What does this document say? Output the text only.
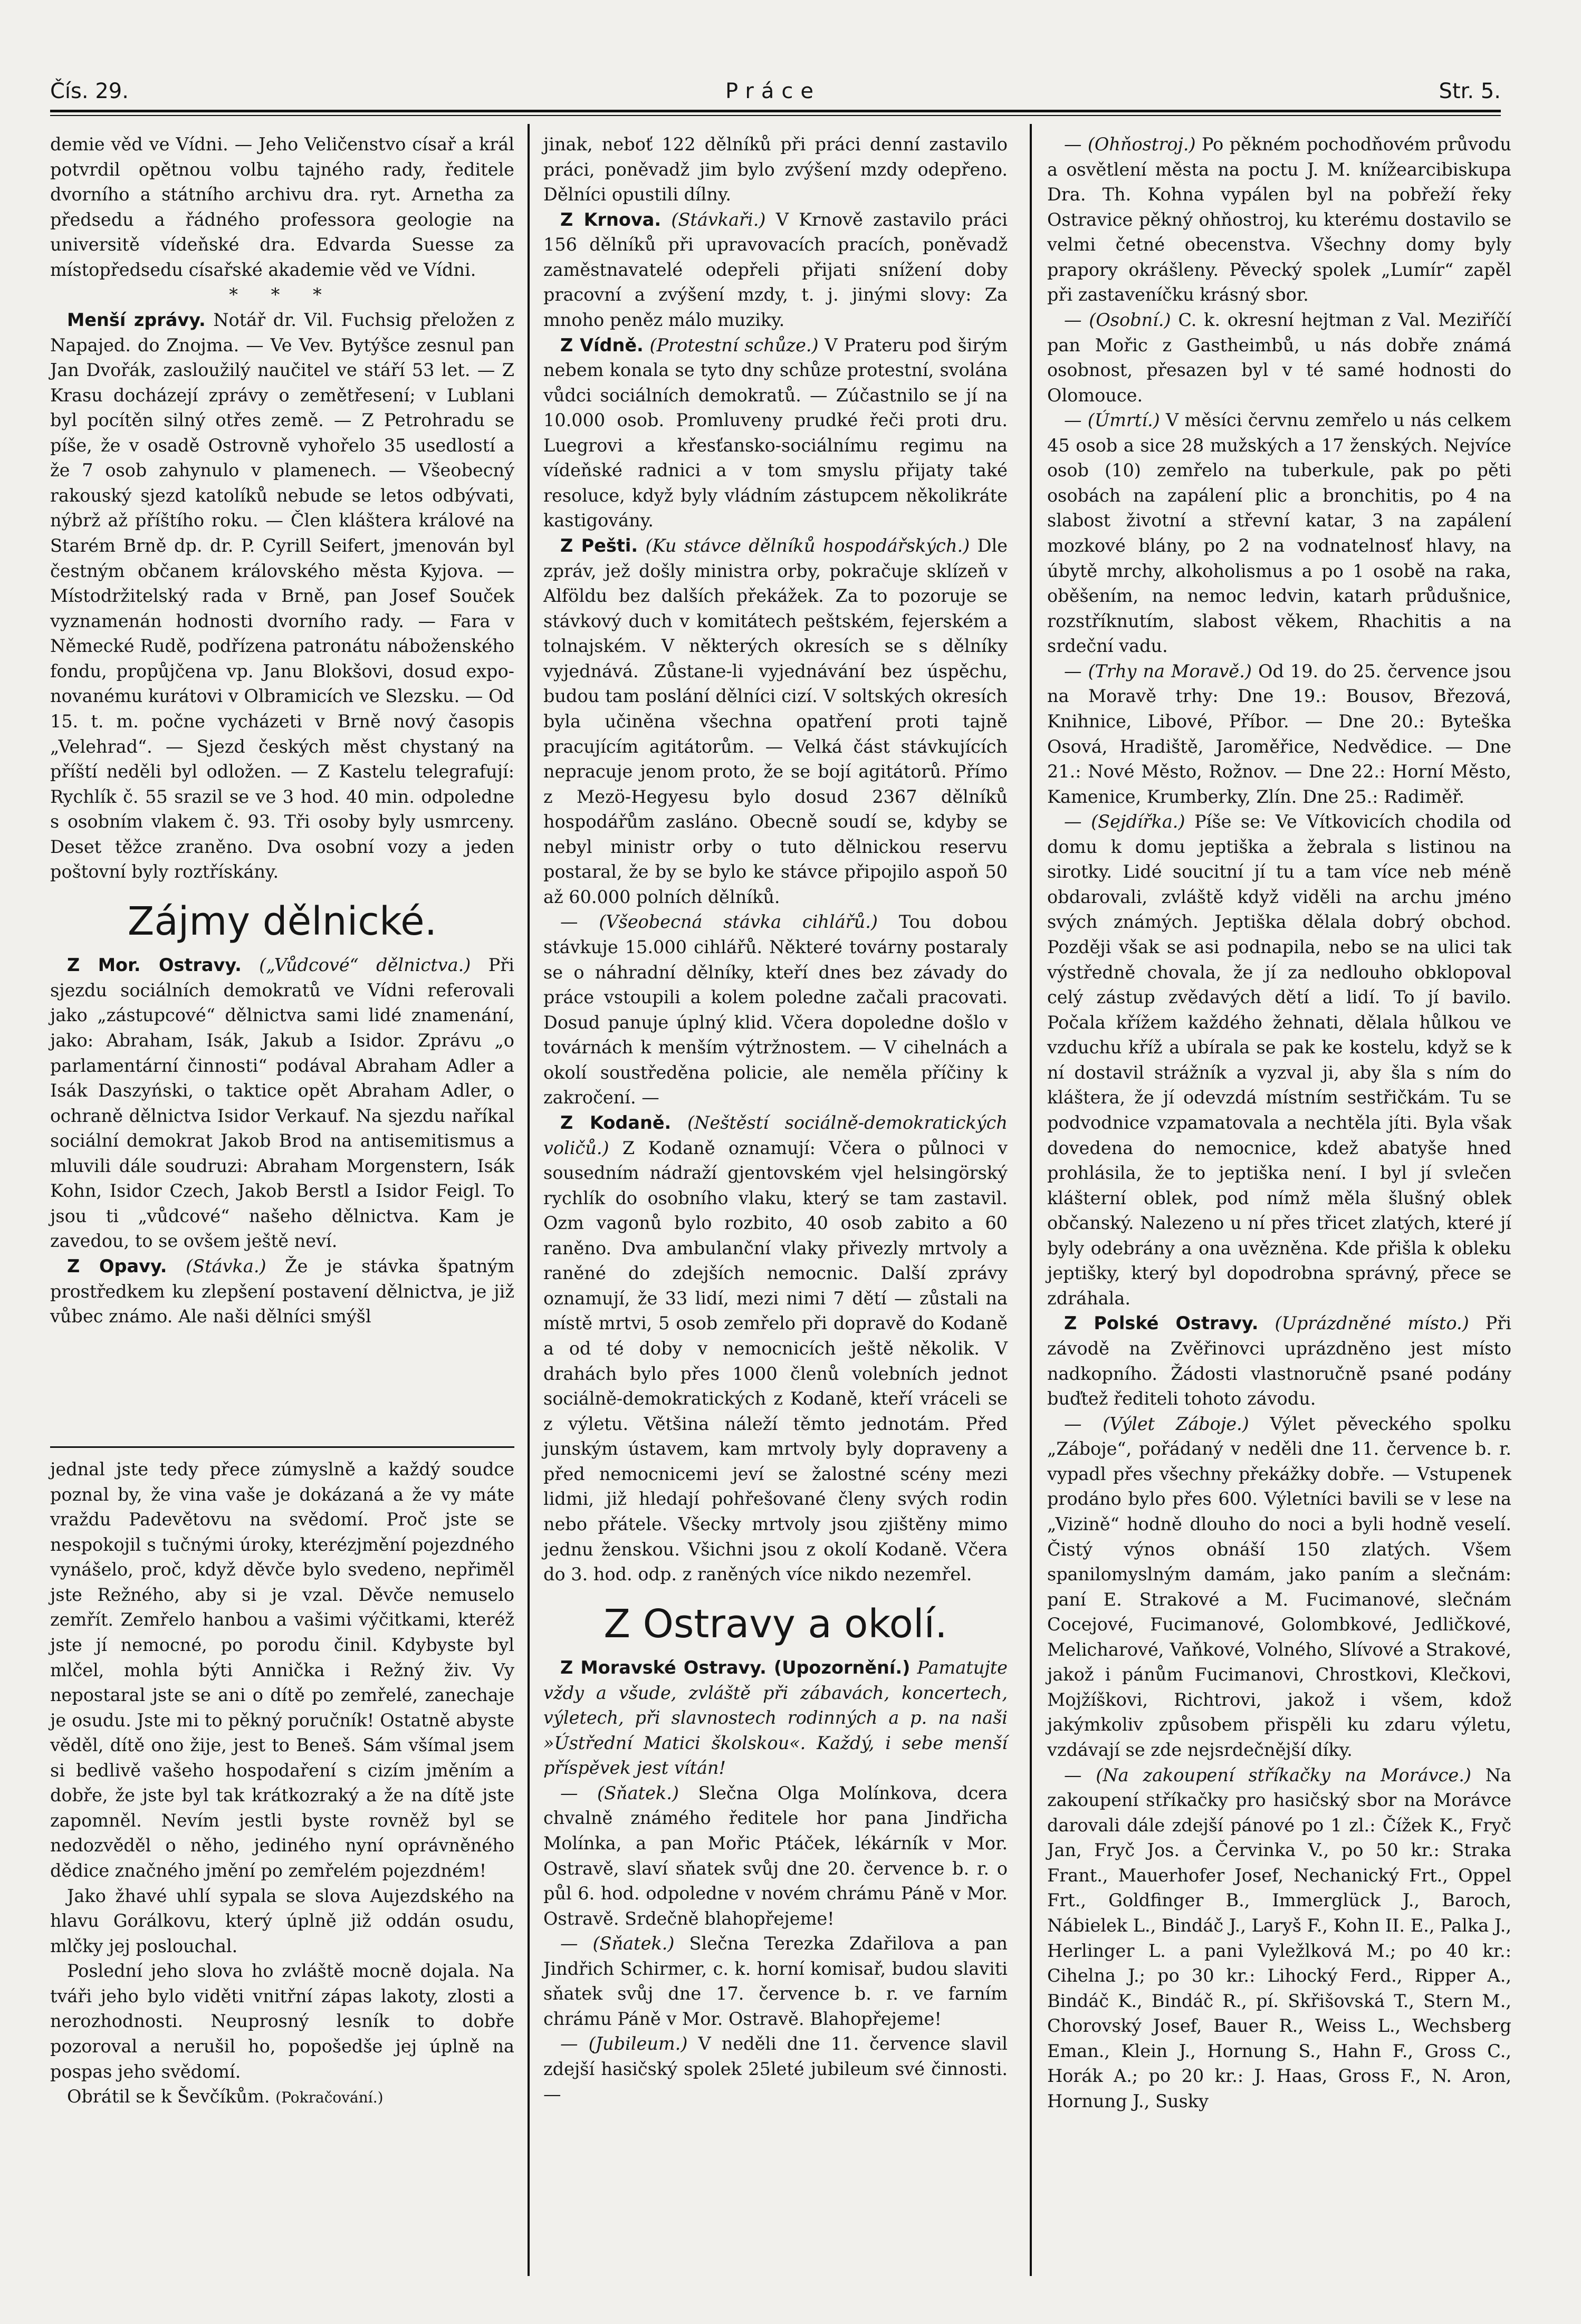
Čís. 29.	Práce	Str. 5.

demie věd ve Vídni. — Jeho Veličenstvo císař a král potvrdil opětnou volbu tajného rady, ředitele dvorního a státního archivu dra. ryt. Arnetha za předsedu a řádného professora geologie na universitě vídeňské dra. Edvarda Suesse za místopředsedu císařské akademie věd ve Vídni.

* * *

Menší zprávy. Notář dr. Vil. Fuchsig přeložen z Napajed. do Znojma. — Ve Vev. Bytýšce zesnul pan Jan Dvořák, zasloužilý naučitel ve stáří 53 let. — Z Krasu docházejí zprávy o zemětřesení; v Lublani byl pocítěn silný otřes země. — Z Petrohradu se píše, že v osadě Ostrovně vyhořelo 35 usedlostí a že 7 osob zahynulo v plamenech. — Všeobecný rakouský sjezd katolíků nebude se letos odbývati, nýbrž až příštího roku. — Člen klášterа králové na Starém Brně dp. dr. P. Cyrill Seifert, jmenován byl čestným občanem královského města Kyjova. — Místodržitelský rada v Brně, pan Josef Souček vyznamenán hodnosti dvorního rady. — Fara v Německé Rudě, podřízena patronátu náboženského fondu, propůjčena vp. Janu Blokšovi, dosud exponovanému kurátovi v Olbramicích ve Slezsku. — Od 15. t. m. počne vycházeti v Brně nový časopis „Velehrad“. — Sjezd českých měst chystaný na příští neděli byl odložen. — Z Kastelu telegrafují: Rychlík č. 55 srazil se ve 3 hod. 40 min. odpoledne s osobním vlakem č. 93. Tři osoby byly usmrceny. Deset těžce zraněno. Dva osobní vozy a jeden poštovní byly roztřískány.

Zájmy dělnické.

Z Mor. Ostravy. („Vůdcové“ dělnictva.) Při sjezdu sociálních demokratů ve Vídni referovali jako „zástupcové“ dělnictva sami lidé znamenání, jako: Abraham, Isák, Jakub a Isidor. Zprávu „o parlamentární činnosti“ podával Abraham Adler a Isák Daszyński, o taktice opět Abraham Adler, o ochraně dělnictva Isidor Verkauf. Na sjezdu naříkal sociální demokrat Jakob Brod na antisemitismus a mluvili dále soudruzi: Abraham Morgenstern, Isák Kohn, Isidor Czech, Jakob Berstl a Isidor Feigl. To jsou ti „vůdcové“ našeho dělnictva. Kam je zavedou, to se ovšem ještě neví.

Z Opavy. (Stávka.) Že je stávka špatným prostředkem ku zlepšení postavení dělnictva, je již vůbec známo. Ale naši dělníci smýšl

jednal jste tedy přece zúmyslně a každý soudce poznal by, že vina vaše je dokázaná a že vy máte vraždu Padevětovu na svědomí. Proč jste se nespokojil s tučnými úroky, kterézjmění pojezdného vynášelo, proč, když děvče bylo svedeno, nepřiměl jste Režného, aby si je vzal. Děvče nemuselo zemřít. Zemřelo hanbou a vašimi výčitkami, kteréž jste jí nemocné, po porodu činil. Kdybyste byl mlčel, mohla býti Annička i Režný živ. Vy nepostaral jste se ani o dítě po zemřelé, zanechaje je osudu. Jste mi to pěkný poručník! Ostatně abyste věděl, dítě ono žije, jest to Beneš. Sám všímal jsem si bedlivě vašeho hospodaření s cizím jměním a dobře, že jste byl tak krátkozraký a že na dítě jste zapomněl. Nevím jestli byste rovněž byl se nedozvěděl o něho, jediného nyní oprávněného dědice značného jmění po zemřelém pojezdném!

Jako žhavé uhlí sypala se slova Aujezdského na hlavu Gorálkovu, který úplně již oddán osudu, mlčky jej poslouchal.

Poslední jeho slova ho zvláště mocně dojala. Na tváři jeho bylo viděti vnitřní zápas lakoty, zlosti a nerozhodnosti. Neuprosný lesník to dobře pozoroval a nerušil ho, popošedše jej úplně na pospas jeho svědomí.

Obrátil se k Ševčíkům. (Pokračování.)

jinak, neboť 122 dělníků při práci denní zastavilo práci, poněvadž jim bylo zvýšení mzdy odepřeno. Dělníci opustili dílny.

Z Krnova. (Stávkaři.) V Krnově zastavilo práci 156 dělníků při upravovacích pracích, poněvadž zaměstnavatelé odepřeli přijati snížení doby pracovní a zvýšení mzdy, t. j. jinými slovy: Za mnoho peněz málo muziky.

Z Vídně. (Protestní schůze.) V Prateru pod širým nebem konala se tyto dny schůze protestní, svolána vůdci sociálních demokratů. — Zúčastnilo se jí na 10.000 osob. Promluveny prudké řeči proti dru. Luegrovi a křesťansko-sociálnímu regimu na vídeňské radnici a v tom smyslu přijaty také resoluce, když byly vládním zástupcem několikráte kastigovány.

Z Pešti. (Ku stávce dělníků hospodářských.) Dle zpráv, jež došly ministra orby, pokračuje sklízeň v Alföldu bez dalších překážek. Za to pozoruje se stávkový duch v komitátech peštském, fejerském a tolnajském. V některých okresích se s dělníky vyjednává. Zůstane-li vyjednávání bez úspěchu, budou tam poslání dělníci cizí. V soltských okresích byla učiněna všechna opatření proti tajně pracujícím agitátorům. — Velká část stávkujících nepracuje jenom proto, že se bojí agitátorů. Přímo z Mezö-Hegyesu bylo dosud 2367 dělníků hospodářům zasláno. Obecně soudí se, kdyby se nebyl ministr orby o tuto dělnickou reservu postaral, že by se bylo ke stávce připojilo aspoň 50 až 60.000 polních dělníků.

— (Všeobecná stávka cihlářů.) Tou dobou stávkuje 15.000 cihlářů. Některé továrny postaraly se o náhradní dělníky, kteří dnes bez závady do práce vstoupili a kolem poledne začali pracovati. Dosud panuje úplný klid. Včera dopoledne došlo v továrnách k menším výtržnostem. — V cihelnách a okolí soustředěna policie, ale neměla příčiny k zakročení. —

Z Kodaně. (Neštěstí sociálně-demokratických voličů.) Z Kodaně oznamují: Včera o půlnoci v sousedním nádraží gjentovském vjel helsingörský rychlík do osobního vlaku, který se tam zastavil. Ozm vagonů bylo rozbito, 40 osob zabito a 60 raněno. Dva ambulanční vlaky přivezly mrtvoly a raněné do zdejších nemocnic. Další zprávy oznamují, že 33 lidí, mezi nimi 7 dětí — zůstali na místě mrtvi, 5 osob zemřelo při dopravě do Kodaně a od té doby v nemocnicích ještě několik. V drahách bylo přes 1000 členů volebních jednot sociálně-demokratických z Kodaně, kteří vráceli se z výletu. Většina náleží těmto jednotám. Před junským ústavem, kam mrtvoly byly dopraveny a před nemocnicemi jeví se žalostné scény mezi lidmi, již hledají pohřešované členy svých rodin nebo přátele. Všecky mrtvoly jsou zjištěny mimo jednu ženskou. Všichni jsou z okolí Kodaně. Včera do 3. hod. odp. z raněných více nikdo nezemřel.

Z Ostravy a okolí.

Z Moravské Ostravy. (Upozornění.) Pamatujte vždy a všude, zvláště při zábavách, koncertech, výletech, při slavnostech rodinných a p. na naši »Ústřední Matici školskou«. Každý, i sebe menší příspěvek jest vítán!

— (Sňatek.) Slečna Olga Molínkova, dcera chvalně známého ředitele hor pana Jindřicha Molínka, a pan Mořic Ptáček, lékárník v Mor. Ostravě, slaví sňatek svůj dne 20. července b. r. o půl 6. hod. odpoledne v novém chrámu Páně v Mor. Ostravě. Srdečně blahopřejeme!

— (Sňatek.) Slečna Terezka Zdařilova a pan Jindřich Schirmer, c. k. horní komisař, budou slaviti sňatek svůj dne 17. července b. r. ve farním chrámu Páně v Mor. Ostravě. Blahopřejeme!

— (Jubileum.) V neděli dne 11. července slavil zdejší hasičský spolek 25leté jubileum své činnosti. —

— (Ohňostroj.) Po pěkném pochodňovém průvodu a osvětlení města na poctu J. M. knížearcibiskupa Dra. Th. Kohna vypálen byl na pobřeží řeky Ostravice pěkný ohňostroj, ku kterému dostavilo se velmi četné obecenstva. Všechny domy byly prapory okrášleny. Pěvecký spolek „Lumír“ zapěl při zastaveníčku krásný sbor.

— (Osobní.) C. k. okresní hejtman z Val. Meziříčí pan Mořic z Gastheimbů, u nás dobře známá osobnost, přesazen byl v té samé hodnosti do Olomouce.

— (Úmrtí.) V měsíci červnu zemřelo u nás celkem 45 osob a sice 28 mužských a 17 ženských. Nejvíce osob (10) zemřelo na tuberkule, pak po pěti osobách na zapálení plic a bronchitis, po 4 na slabost životní a střevní katar, 3 na zapálení mozkové blány, po 2 na vodnatelnosť hlavy, na úbytě mrchy, alkoholismus a po 1 osobě na raka, oběšením, na nemoc ledvin, katarh průdušnice, rozstříknutím, slabost věkem, Rhachitis a na srdeční vadu.

— (Trhy na Moravě.) Od 19. do 25. července jsou na Moravě trhy: Dne 19.: Bousov, Březová, Knihnice, Libové, Příbor. — Dne 20.: Byteška Osová, Hradiště, Jaroměřice, Nedvědice. — Dne 21.: Nové Město, Rožnov. — Dne 22.: Horní Město, Kamenice, Krumberky, Zlín. Dne 25.: Radiměř.

— (Sejdířka.) Píše se: Ve Vítkovicích chodila od domu k domu jeptiška a žebrala s listinou na sirotky. Lidé soucitní jí tu a tam více neb méně obdarovali, zvláště když viděli na archu jméno svých známých. Jeptiška dělala dobrý obchod. Později však se asi podnapila, nebo se na ulici tak výstředně chovala, že jí za nedlouho obklopoval celý zástup zvědavých dětí a lidí. To jí bavilo. Počala křížem každého žehnati, dělala hůlkou ve vzduchu kříž a ubírala se pak ke kostelu, když se k ní dostavil strážník a vyzval ji, aby šla s ním do kláštera, že jí odevzdá místním sestřičkám. Tu se podvodnice vzpamatovala a nechtěla jíti. Byla však dovedena do nemocnice, kdež abatyše hned prohlásila, že to jeptiška není. I byl jí svlečen klášterní oblek, pod nímž měla šlušný oblek občanský. Nalezeno u ní přes třicet zlatých, které jí byly odebrány a ona uvězněna. Kde přišla k obleku jeptišky, který byl dopodrobna správný, přece se zdráhala.

Z Polské Ostravy. (Uprázdněné místo.) Při závodě na Zvěřinovci uprázdněno jest místo nadkopního. Žádosti vlastnoručně psané podány buďtež řediteli tohoto závodu.

— (Výlet Záboje.) Výlet pěveckého spolku „Záboje“, pořádaný v neděli dne 11. července b. r. vypadl přes všechny překážky dobře. — Vstupenek prodáno bylo přes 600. Výletníci bavili se v lese na „Vizině“ hodně dlouho do noci a byli hodně veselí. Čistý výnos obnáší 150 zlatých. Všem spanilomyslným damám, jako paním a slečnám: paní E. Strakové a M. Fucimanové, slečnám Cocejové, Fucimanové, Golombkové, Jedličkové, Melicharové, Vaňkové, Volného, Slívové a Strakové, jakož i pánům Fucimanovi, Chrostkovi, Klečkovi, Mojžíškovi, Richtrovi, jakož i všem, kdož jakýmkoliv způsobem přispěli ku zdaru výletu, vzdávají se zde nejsrdečnější díky.

— (Na zakoupení stříkačky na Morávce.) Na zakoupení stříkačky pro hasičský sbor na Morávce darovali dále zdejší pánové po 1 zl.: Čížek K., Fryč Jan, Fryč Jos. a Červinka V., po 50 kr.: Straka Frant., Mauerhofer Josef, Nechanický Frt., Oppel Frt., Goldfinger B., Immerglück J., Baroch, Nábielek L., Bindáč J., Laryš F., Kohn II. E., Palka J., Herlinger L. a pani Vyležlková M.; po 40 kr.: Cihelna J.; po 30 kr.: Lihocký Ferd., Ripper A., Bindáč K., Bindáč R., pí. Skřišovská T., Stern M., Chorovský Josef, Bauer R., Weiss L., Wechsberg Eman., Klein J., Hornung S., Hahn F., Gross C., Horák A.; po 20 kr.: J. Haas, Gross F., N. Aron, Hornung J., Susky
